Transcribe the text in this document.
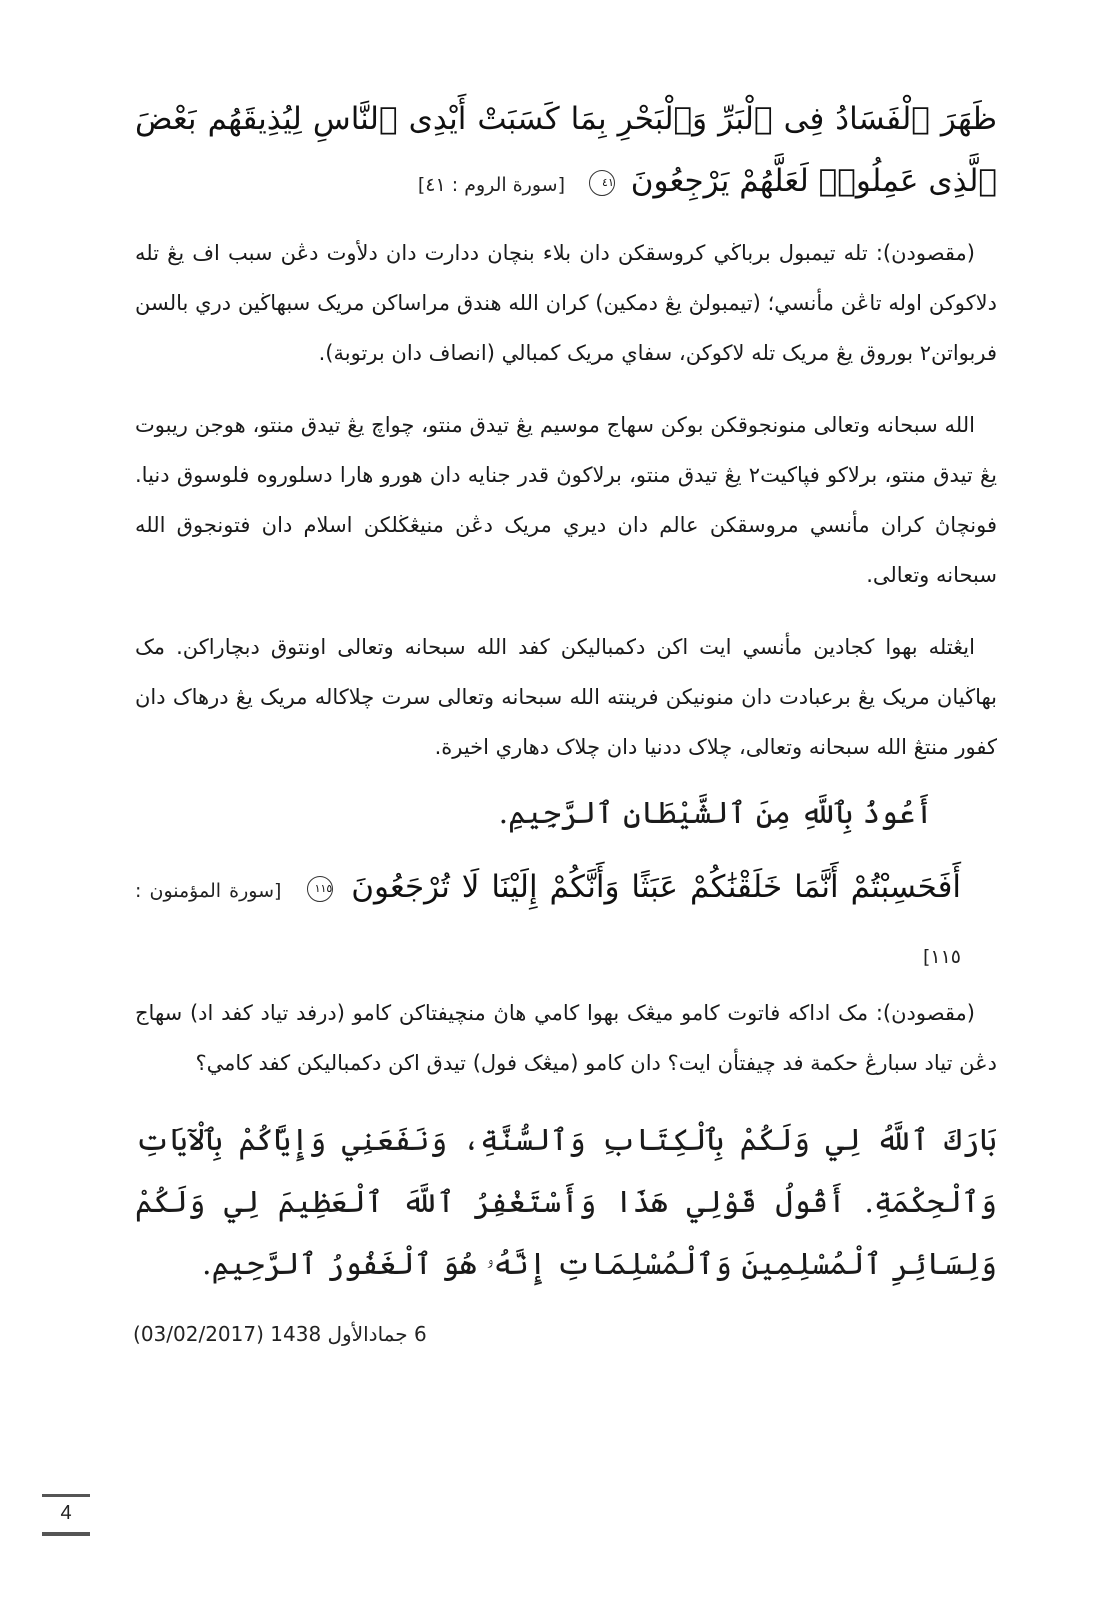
ظَهَرَ ٱلْفَسَادُ فِى ٱلْبَرِّ وَٱلْبَحْرِ بِمَا كَسَبَتْ أَيْدِى ٱلنَّاسِ لِيُذِيقَهُم بَعْضَ ٱلَّذِى عَمِلُوا۟ لَعَلَّهُمْ يَرْجِعُونَ ٤١ [سورة الروم : ٤١]

(مقصودن): تله تيمبول برباڬي کروسقکن دان بلاء بنچان ددارت دان دلأوت دڠن سبب اف يڠ تله دلاکوکن اوله تاڠن مأنسي؛ (تيمبولڽ يڠ دمکين) کران الله هندق مراساکن مريک سبهاڬين دري بالسن فربواتن٢ بوروق يڠ مريک تله لاکوکن، سفاي مريک کمبالي (انصاف دان برتوبة).

الله سبحانه وتعالى منونجوقکن بوکن سهاج موسيم يڠ تيدق منتو، چواچ يڠ تيدق منتو، هوجن ريبوت يڠ تيدق منتو، برلاکو فپاکيت٢ يڠ تيدق منتو، برلاکوڽ قدر جنايه دان هورو هارا دسلوروه فلوسوق دنيا. فونچاڽ کران مأنسي مروسقکن عالم دان ديري مريک دڠن منيڠڬلکن اسلام دان فتونجوق الله سبحانه وتعالى.

ايڠتله بهوا کجادين مأنسي ايت اکن دکمباليکن کفد الله سبحانه وتعالى اونتوق دبچاراکن. مک بهاڬيان مريک يڠ برعبادت دان منونيکن فرينته الله سبحانه وتعالى سرت چلاکاله مريک يڠ درهاک دان کفور منتڠ الله سبحانه وتعالى، چلاک ددنيا دان چلاک دهاري اخيرة.

أَعُوذُ بِٱللَّهِ مِنَ ٱلشَّيْطَانِ ٱلرَّجِيمِ.
أَفَحَسِبْتُمْ أَنَّمَا خَلَقْنَٰكُمْ عَبَثًا وَأَنَّكُمْ إِلَيْنَا لَا تُرْجَعُونَ ١١٥ [سورة المؤمنون : ١١٥]

(مقصودن): مک اداکه فاتوت کامو ميڠک بهوا کامي هاڽ منچيفتاکن کامو (درفد تياد کفد اد) سهاج دڠن تياد سبارڠ حکمة فد چيفتأن ايت؟ دان کامو (ميڠک فول) تيدق اکن دکمباليکن کفد کامي؟

بَارَكَ ٱللَّهُ لِي وَلَكُمْ بِٱلْكِتَابِ وَٱلسُّنَّةِ، وَنَفَعَنِي وَإِيَّاكُمْ بِٱلْآيَاتِ وَٱلْحِكْمَةِ. أَقُولُ قَوْلِي هَذَا وَأَسْتَغْفِرُ ٱللَّهَ ٱلْعَظِيمَ لِي وَلَكُمْ وَلِسَائِرِ ٱلْمُسْلِمِينَ وَٱلْمُسْلِمَاتِ إِنَّهُۥ هُوَ ٱلْغَفُورُ ٱلرَّحِيمِ.
6 جمادالأول 1438 (03/02/2017)
4
